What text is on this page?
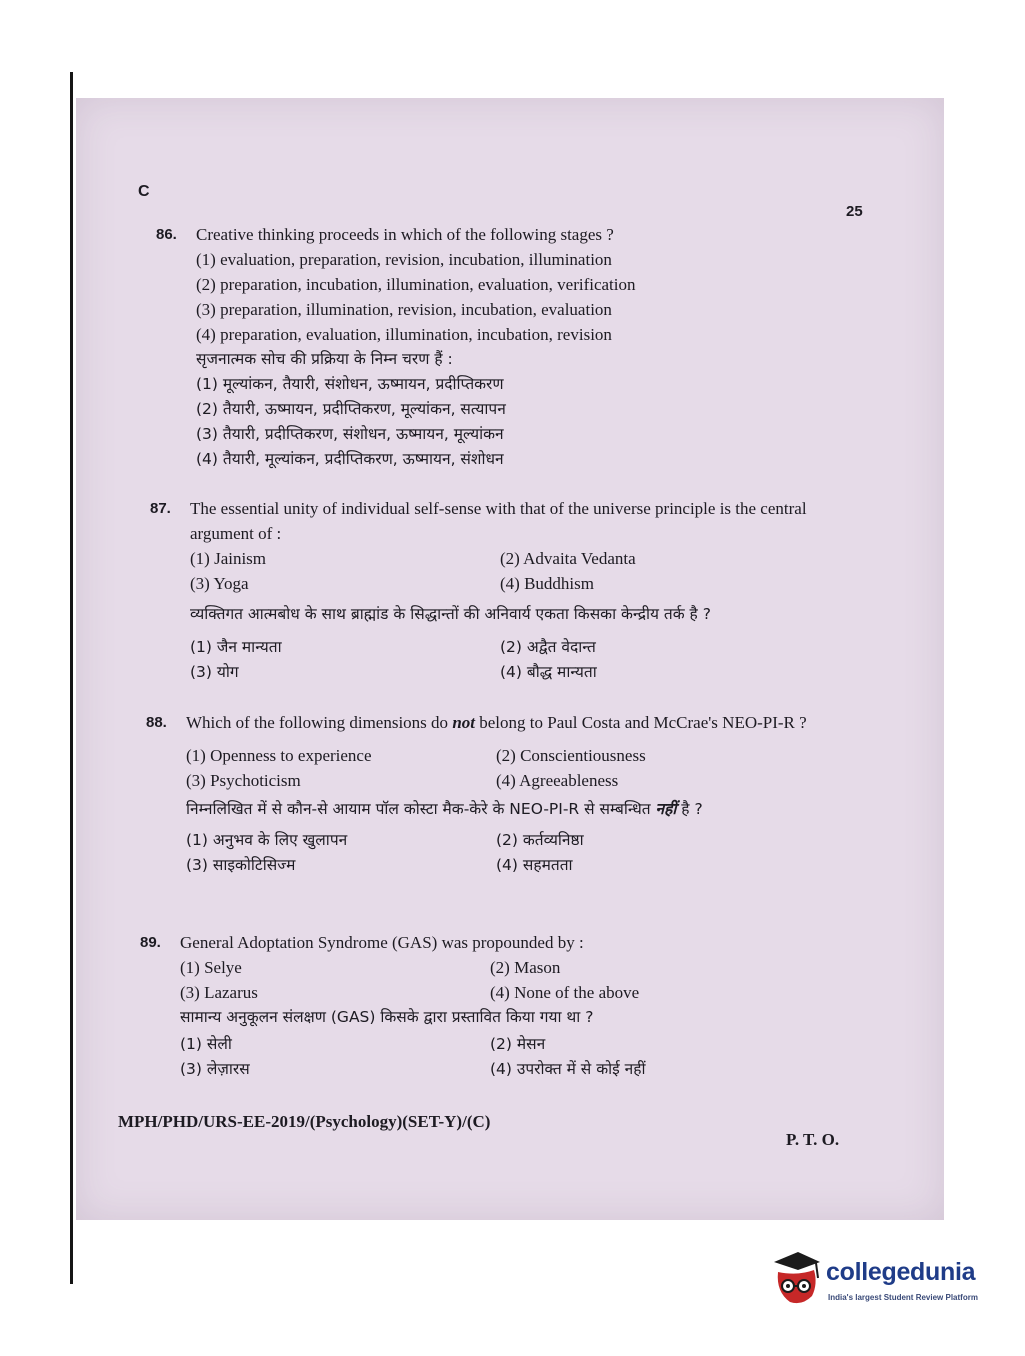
C
25
86. Creative thinking proceeds in which of the following stages ?
(1) evaluation, preparation, revision, incubation, illumination
(2) preparation, incubation, illumination, evaluation, verification
(3) preparation, illumination, revision, incubation, evaluation
(4) preparation, evaluation, illumination, incubation, revision
सृजनात्मक सोच की प्रक्रिया के निम्न चरण हैं :
(1) मूल्यांकन, तैयारी, संशोधन, ऊष्मायन, प्रदीप्तिकरण
(2) तैयारी, ऊष्मायन, प्रदीप्तिकरण, मूल्यांकन, सत्यापन
(3) तैयारी, प्रदीप्तिकरण, संशोधन, ऊष्मायन, मूल्यांकन
(4) तैयारी, मूल्यांकन, प्रदीप्तिकरण, ऊष्मायन, संशोधन
87. The essential unity of individual self-sense with that of the universe principle is the central argument of :
(1) Jainism	(2) Advaita Vedanta
(3) Yoga	(4) Buddhism
व्यक्तिगत आत्मबोध के साथ ब्राह्मांड के सिद्धान्तों की अनिवार्य एकता किसका केन्द्रीय तर्क है ?
(1) जैन मान्यता	(2) अद्वैत वेदान्त
(3) योग	(4) बौद्ध मान्यता
88. Which of the following dimensions do not belong to Paul Costa and McCrae's NEO-PI-R ?
(1) Openness to experience	(2) Conscientiousness
(3) Psychoticism	(4) Agreeableness
निम्नलिखित में से कौन-से आयाम पॉल कोस्टा मैक-केरे के NEO-PI-R से सम्बन्धित नहीं है ?
(1) अनुभव के लिए खुलापन	(2) कर्तव्यनिष्ठा
(3) साइकोटिसिज्म	(4) सहमतता
89. General Adoptation Syndrome (GAS) was propounded by :
(1) Selye	(2) Mason
(3) Lazarus	(4) None of the above
सामान्य अनुकूलन संलक्षण (GAS) किसके द्वारा प्रस्तावित किया गया था ?
(1) सेली	(2) मेसन
(3) लेज़ारस	(4) उपरोक्त में से कोई नहीं
MPH/PHD/URS-EE-2019/(Psychology)(SET-Y)/(C)
P. T. O.
collegedunia
India's largest Student Review Platform
